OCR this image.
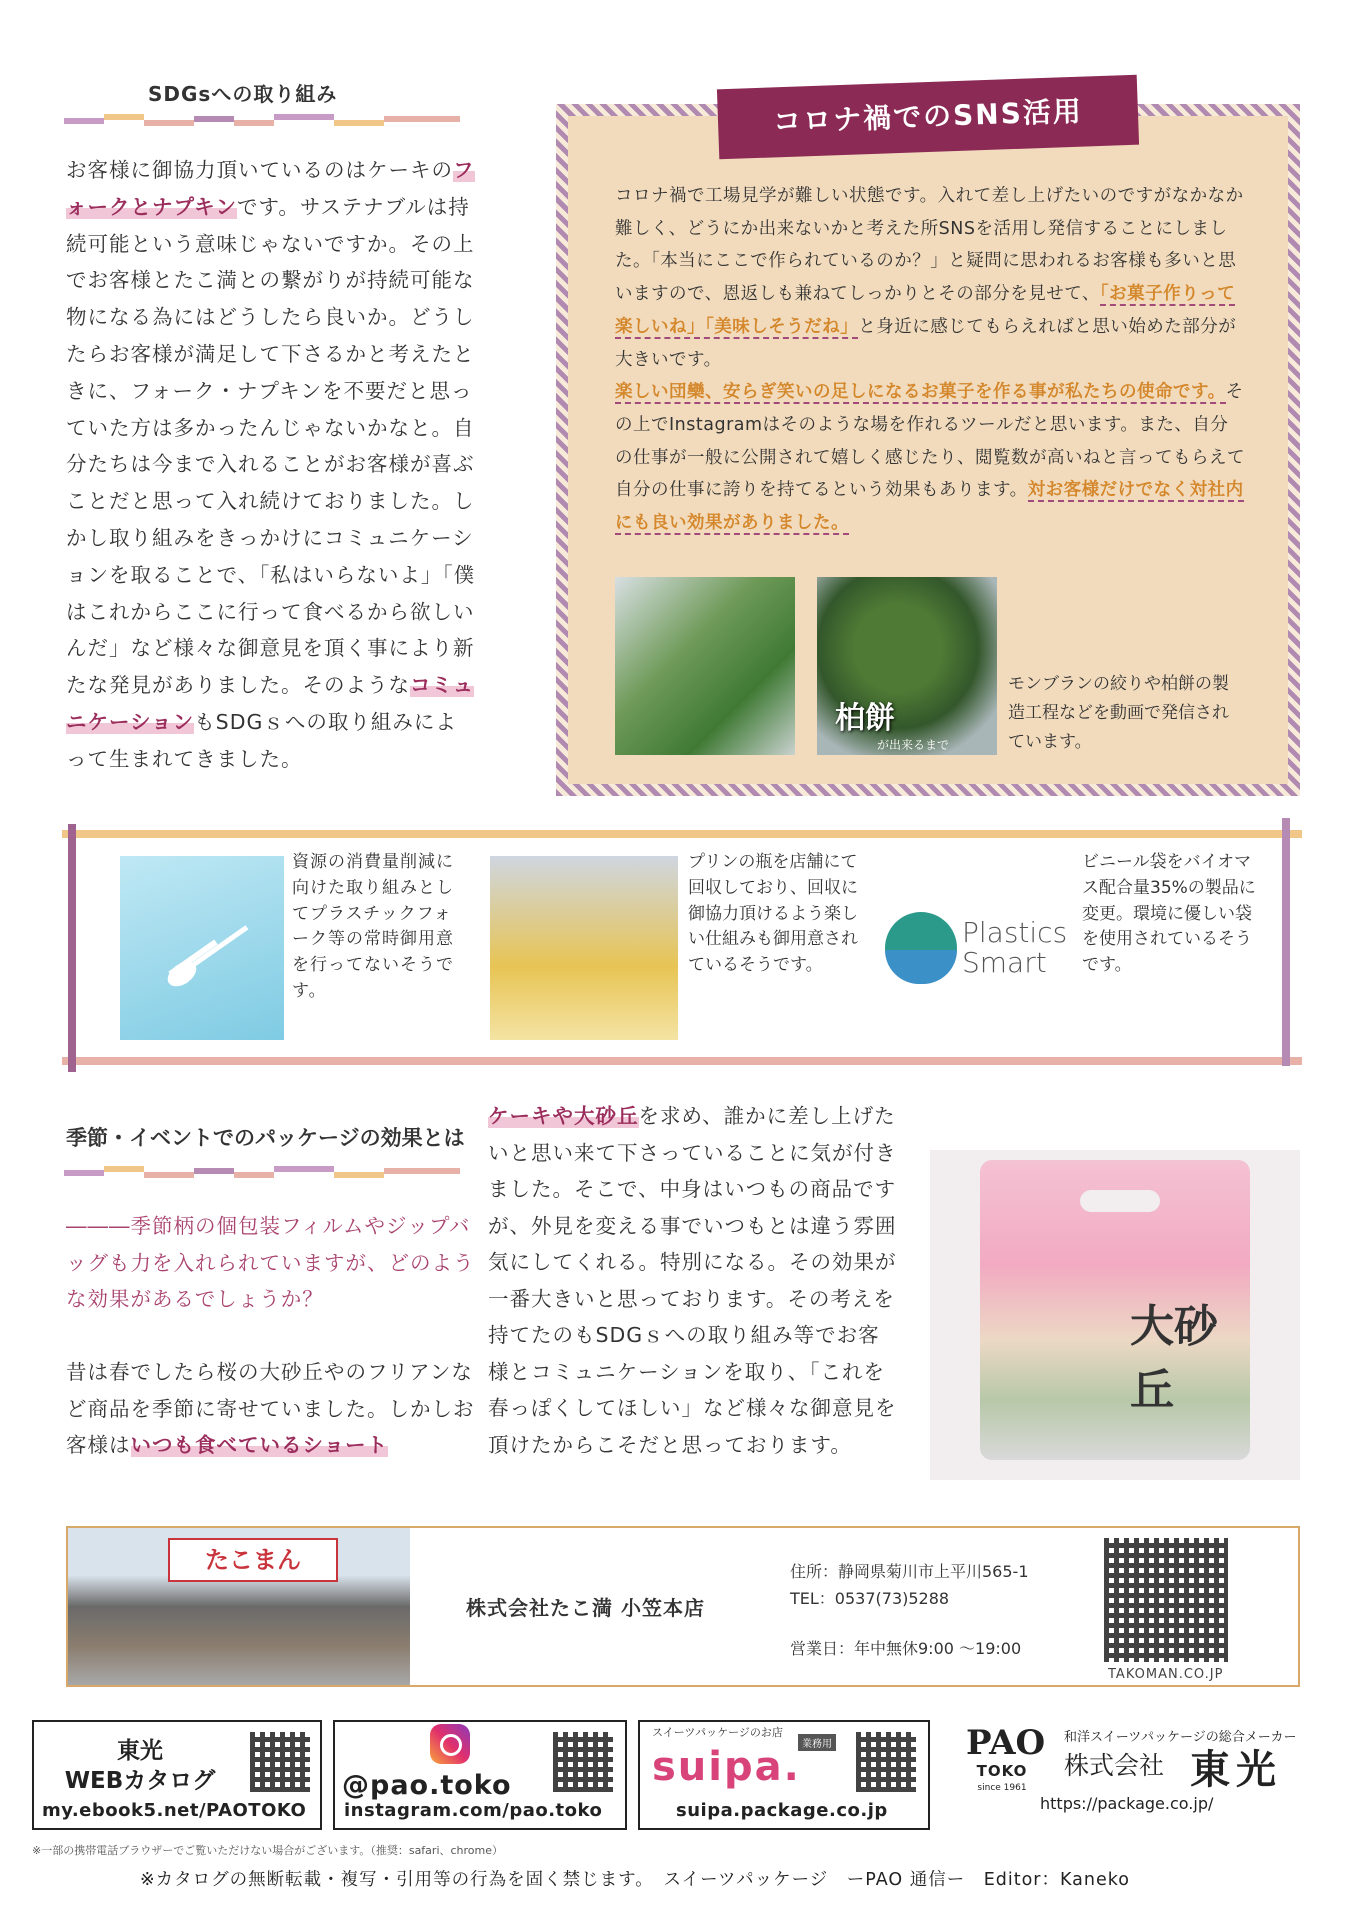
SDGsへの取り組み
お客様に御協力頂いているのはケーキのフォークとナプキンです。サステナブルは持続可能という意味じゃないですか。その上でお客様とたこ満との繋がりが持続可能な物になる為にはどうしたら良いか。どうしたらお客様が満足して下さるかと考えたときに、フォーク・ナプキンを不要だと思っていた方は多かったんじゃないかなと。自分たちは今まで入れることがお客様が喜ぶことだと思って入れ続けておりました。しかし取り組みをきっかけにコミュニケーションを取ることで、「私はいらないよ」「僕はこれからここに行って食べるから欲しいんだ」など様々な御意見を頂く事により新たな発見がありました。そのようなコミュニケーションもSDGｓへの取り組みによって生まれてきました。
コロナ禍でのSNS活用
コロナ禍で工場見学が難しい状態です。入れて差し上げたいのですがなかなか難しく、どうにか出来ないかと考えた所SNSを活用し発信することにしました。「本当にここで作られているのか？」と疑問に思われるお客様も多いと思いますので、恩返しも兼ねてしっかりとその部分を見せて、「お菓子作りって楽しいね」「美味しそうだね」と身近に感じてもらえればと思い始めた部分が大きいです。
楽しい団欒、安らぎ笑いの足しになるお菓子を作る事が私たちの使命です。その上でInstagramはそのような場を作れるツールだと思います。また、自分の仕事が一般に公開されて嬉しく感じたり、閲覧数が高いねと言ってもらえて自分の仕事に誇りを持てるという効果もあります。対お客様だけでなく対社内にも良い効果がありました。
柏餅
が出来るまで
モンブランの絞りや柏餅の製造工程などを動画で発信されています。
資源の消費量削減に向けた取り組みとしてプラスチックフォーク等の常時御用意を行ってないそうです。
プリンの瓶を店舗にて回収しており、回収に御協力頂けるよう楽しい仕組みも御用意されているそうです。
Plastics
Smart
ビニール袋をバイオマス配合量35%の製品に変更。環境に優しい袋を使用されているそうです。
季節・イベントでのパッケージの効果とは
―――季節柄の個包装フィルムやジップバッグも力を入れられていますが、どのような効果があるでしょうか？
昔は春でしたら桜の大砂丘やのフリアンなど商品を季節に寄せていました。しかしお客様はいつも食べているショート
ケーキや大砂丘を求め、誰かに差し上げたいと思い来て下さっていることに気が付きました。そこで、中身はいつもの商品ですが、外見を変える事でいつもとは違う雰囲気にしてくれる。特別になる。その効果が一番大きいと思っております。その考えを持てたのもSDGｓへの取り組み等でお客様とコミュニケーションを取り、「これを春っぽくしてほしい」など様々な御意見を頂けたからこそだと思っております。
大砂丘
たこまん
株式会社たこ満 小笠本店
住所：静岡県菊川市上平川565-1
TEL：0537(73)5288
営業日：年中無休9:00 ～19:00
TAKOMAN.CO.JP
東光
WEBカタログ
my.ebook5.net/PAOTOKO
@pao.toko
instagram.com/pao.toko
スイーツパッケージのお店
業務用
suipa.
suipa.package.co.jp
PAO
TOKO
since 1961
和洋スイーツパッケージの総合メーカー
株式会社 東光
https://package.co.jp/
※一部の携帯電話ブラウザーでご覧いただけない場合がございます。（推奨：safari、chrome）
※カタログの無断転載・複写・引用等の行為を固く禁じます。　スイーツパッケージ　ーPAO 通信ー　Editor：Kaneko
